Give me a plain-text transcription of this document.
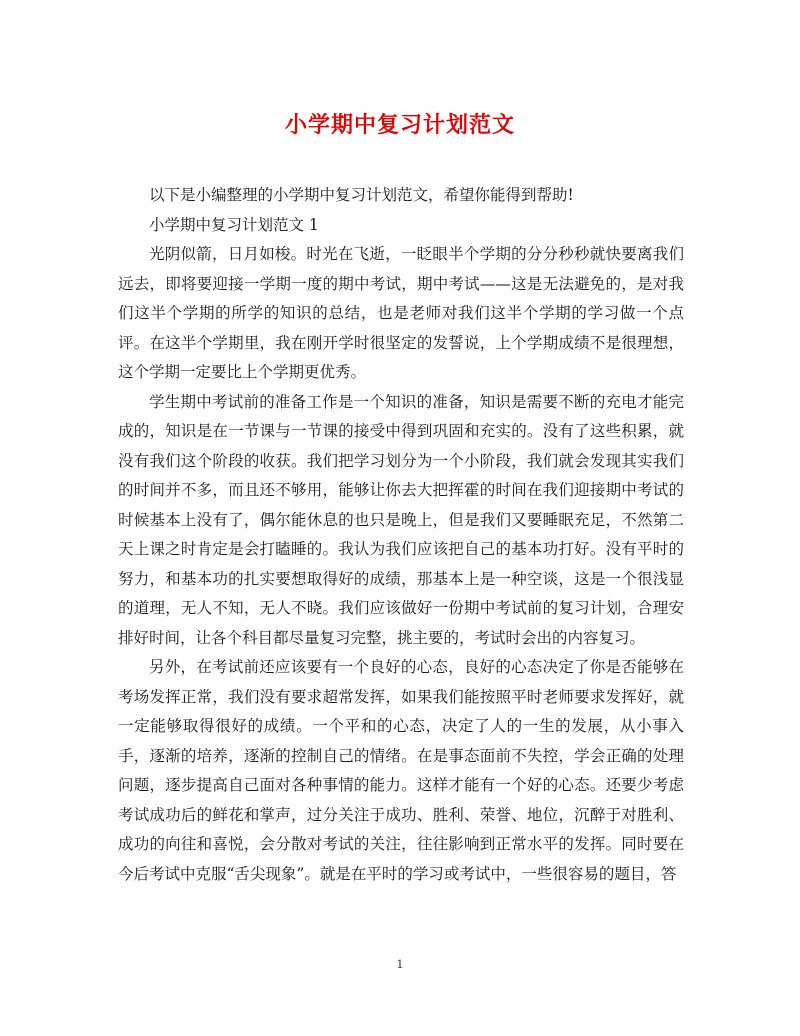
小学期中复习计划范文

以下是小编整理的小学期中复习计划范文，希望你能得到帮助!

小学期中复习计划范文 1

光阴似箭，日月如梭。时光在飞逝，一眨眼半个学期的分分秒秒就快要离我们远去，即将要迎接一学期一度的期中考试，期中考试——这是无法避免的，是对我们这半个学期的所学的知识的总结，也是老师对我们这半个学期的学习做一个点评。在这半个学期里，我在刚开学时很坚定的发誓说，上个学期成绩不是很理想，这个学期一定要比上个学期更优秀。

学生期中考试前的准备工作是一个知识的准备，知识是需要不断的充电才能完成的，知识是在一节课与一节课的接受中得到巩固和充实的。没有了这些积累，就没有我们这个阶段的收获。我们把学习划分为一个小阶段，我们就会发现其实我们的时间并不多，而且还不够用，能够让你去大把挥霍的时间在我们迎接期中考试的时候基本上没有了，偶尔能休息的也只是晚上，但是我们又要睡眠充足，不然第二天上课之时肯定是会打瞌睡的。我认为我们应该把自己的基本功打好。没有平时的努力，和基本功的扎实要想取得好的成绩，那基本上是一种空谈，这是一个很浅显的道理，无人不知，无人不晓。我们应该做好一份期中考试前的复习计划，合理安排好时间，让各个科目都尽量复习完整，挑主要的，考试时会出的内容复习。

另外，在考试前还应该要有一个良好的心态，良好的心态决定了你是否能够在考场发挥正常，我们没有要求超常发挥，如果我们能按照平时老师要求发挥好，就一定能够取得很好的成绩。一个平和的心态，决定了人的一生的发展，从小事入手，逐渐的培养，逐渐的控制自己的情绪。在是事态面前不失控，学会正确的处理问题，逐步提高自己面对各种事情的能力。这样才能有一个好的心态。还要少考虑考试成功后的鲜花和掌声，过分关注于成功、胜利、荣誉、地位，沉醉于对胜利、成功的向往和喜悦，会分散对考试的关注，往往影响到正常水平的发挥。同时要在今后考试中克服“舌尖现象”。就是在平时的学习或考试中，一些很容易的题目，答

1
